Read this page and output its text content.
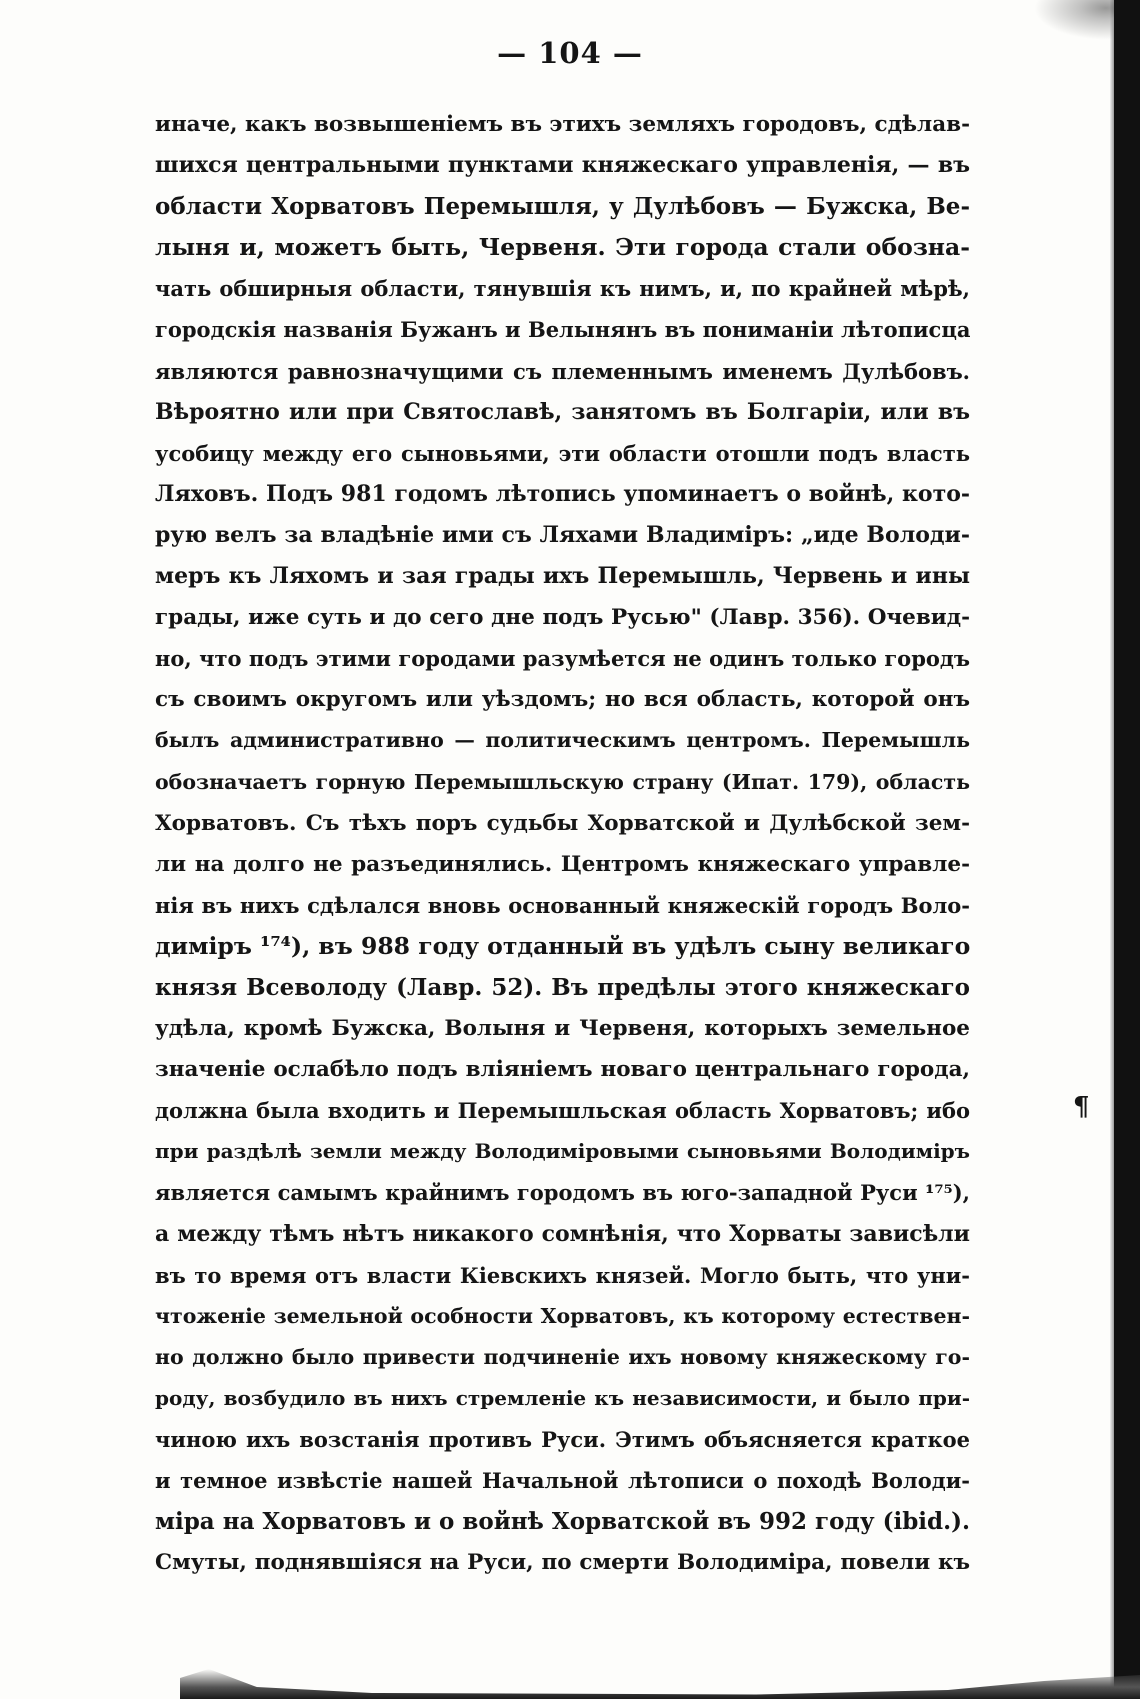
— 104 —
иначе, какъ возвышеніемъ въ этихъ земляхъ городовъ, сдѣлав-
шихся центральными пунктами княжескаго управленія, — въ
области Хорватовъ Перемышля, у Дулѣбовъ — Бужска, Ве-
лыня и, можетъ быть, Червеня. Эти города стали обозна-
чать обширныя области, тянувшія къ нимъ, и, по крайней мѣрѣ,
городскія названія Бужанъ и Велынянъ въ пониманіи лѣтописца
являются равнозначущими съ племеннымъ именемъ Дулѣбовъ.
Вѣроятно или при Святославѣ, занятомъ въ Болгаріи, или въ
усобицу между его сыновьями, эти области отошли подъ власть
Ляховъ. Подъ 981 годомъ лѣтопись упоминаетъ о войнѣ, кото-
рую велъ за владѣніе ими съ Ляхами Владиміръ: „иде Володи-
меръ къ Ляхомъ и зая грады ихъ Перемышль, Червень и ины
грады, иже суть и до сего дне подъ Русью" (Лавр. 356). Очевид-
но, что подъ этими городами разумѣется не одинъ только городъ
съ своимъ округомъ или уѣздомъ; но вся область, которой онъ
былъ административно — политическимъ центромъ. Перемышль
обозначаетъ горную Перемышльскую страну (Ипат. 179), область
Хорватовъ. Съ тѣхъ поръ судьбы Хорватской и Дулѣбской зем-
ли на долго не разъединялись. Центромъ княжескаго управле-
нія въ нихъ сдѣлался вновь основанный княжескій городъ Воло-
диміръ ¹⁷⁴), въ 988 году отданный въ удѣлъ сыну великаго
князя Всеволоду (Лавр. 52). Въ предѣлы этого княжескаго
удѣла, кромѣ Бужска, Волыня и Червеня, которыхъ земельное
значеніе ослабѣло подъ вліяніемъ новаго центральнаго города,
должна была входить и Перемышльская область Хорватовъ; ибо
при раздѣлѣ земли между Володиміровыми сыновьями Володиміръ
является самымъ крайнимъ городомъ въ юго-западной Руси ¹⁷⁵),
а между тѣмъ нѣтъ никакого сомнѣнія, что Хорваты зависѣли
въ то время отъ власти Кіевскихъ князей. Могло быть, что уни-
чтоженіе земельной особности Хорватовъ, къ которому естествен-
но должно было привести подчиненіе ихъ новому княжескому го-
роду, возбудило въ нихъ стремленіе къ независимости, и было при-
чиною ихъ возстанія противъ Руси. Этимъ объясняется краткое
и темное извѣстіе нашей Начальной лѣтописи о походѣ Володи-
міра на Хорватовъ и о войнѣ Хорватской въ 992 году (ibid.).
Смуты, поднявшіяся на Руси, по смерти Володиміра, повели къ
¶
